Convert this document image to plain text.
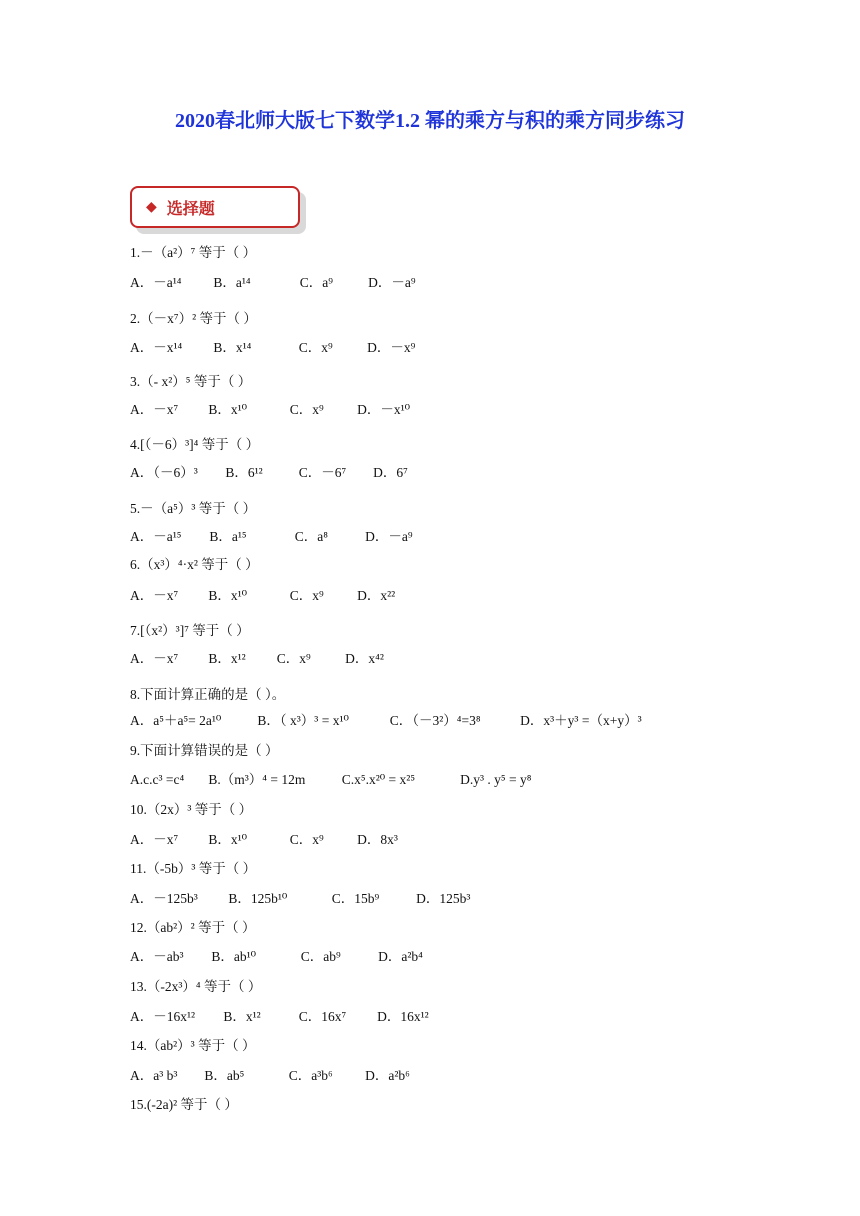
2020春北师大版七下数学1.2 幂的乘方与积的乘方同步练习
◆ 选择题
1.－（a²）⁷ 等于（ ）
A．－a¹⁴ B．a¹⁴	C．a⁹	D．－a⁹
2.（－x⁷）² 等于（ ）
A．－x¹⁴ B．x¹⁴	C．x⁹	D．－x⁹
3.（- x²）⁵ 等于（ ）
A．－x⁷ B．x¹⁰	C．x⁹ D．－x¹⁰
4.[（－6）³]⁴ 等于（ ）
A．（－6）³ B．6¹²	C．－6⁷ D．6⁷
5.－（a⁵）³ 等于（ ）
A．－a¹⁵ B．a¹⁵	C．a⁸	D．－a⁹
6.（x³）⁴·x² 等于（ ）
A．－x⁷ B．x¹⁰	C．x⁹ D．x²²
7.[（x²）³]⁷ 等于（ ）
A．－x⁷ B．x¹² C．x⁹	D．x⁴²
8.下面计算正确的是（ ）。
A．a⁵＋a⁵= 2a¹⁰	B．（ x³）³ = x¹⁰	C．（－3²）⁴=3⁸	D．x³＋y³ =（x+y）³
9.下面计算错误的是（ ）
A.c.c³ =c⁴ B.（m³）⁴ = 12m	C.x⁵.x²⁰ = x²⁵	D.y³ . y⁵ = y⁸
10.（2x）³ 等于（ ）
A．－x⁷ B．x¹⁰	C．x⁹ D．8x³
11.（-5b）³ 等于（ ）
A．－125b³ B．125b¹⁰	C．15b⁹	D．125b³
12.（ab²）² 等于（ ）
A．－ab³ B．ab¹⁰	C．ab⁹	D．a²b⁴
13.（-2x³）⁴ 等于（ ）
A．－16x¹² B．x¹²	C．16x⁷ D．16x¹²
14.（ab²）³ 等于（ ）
A．a³ b³ B．ab⁵	C．a³b⁶ D．a²b⁶
15.(-2a)² 等于（ ）
